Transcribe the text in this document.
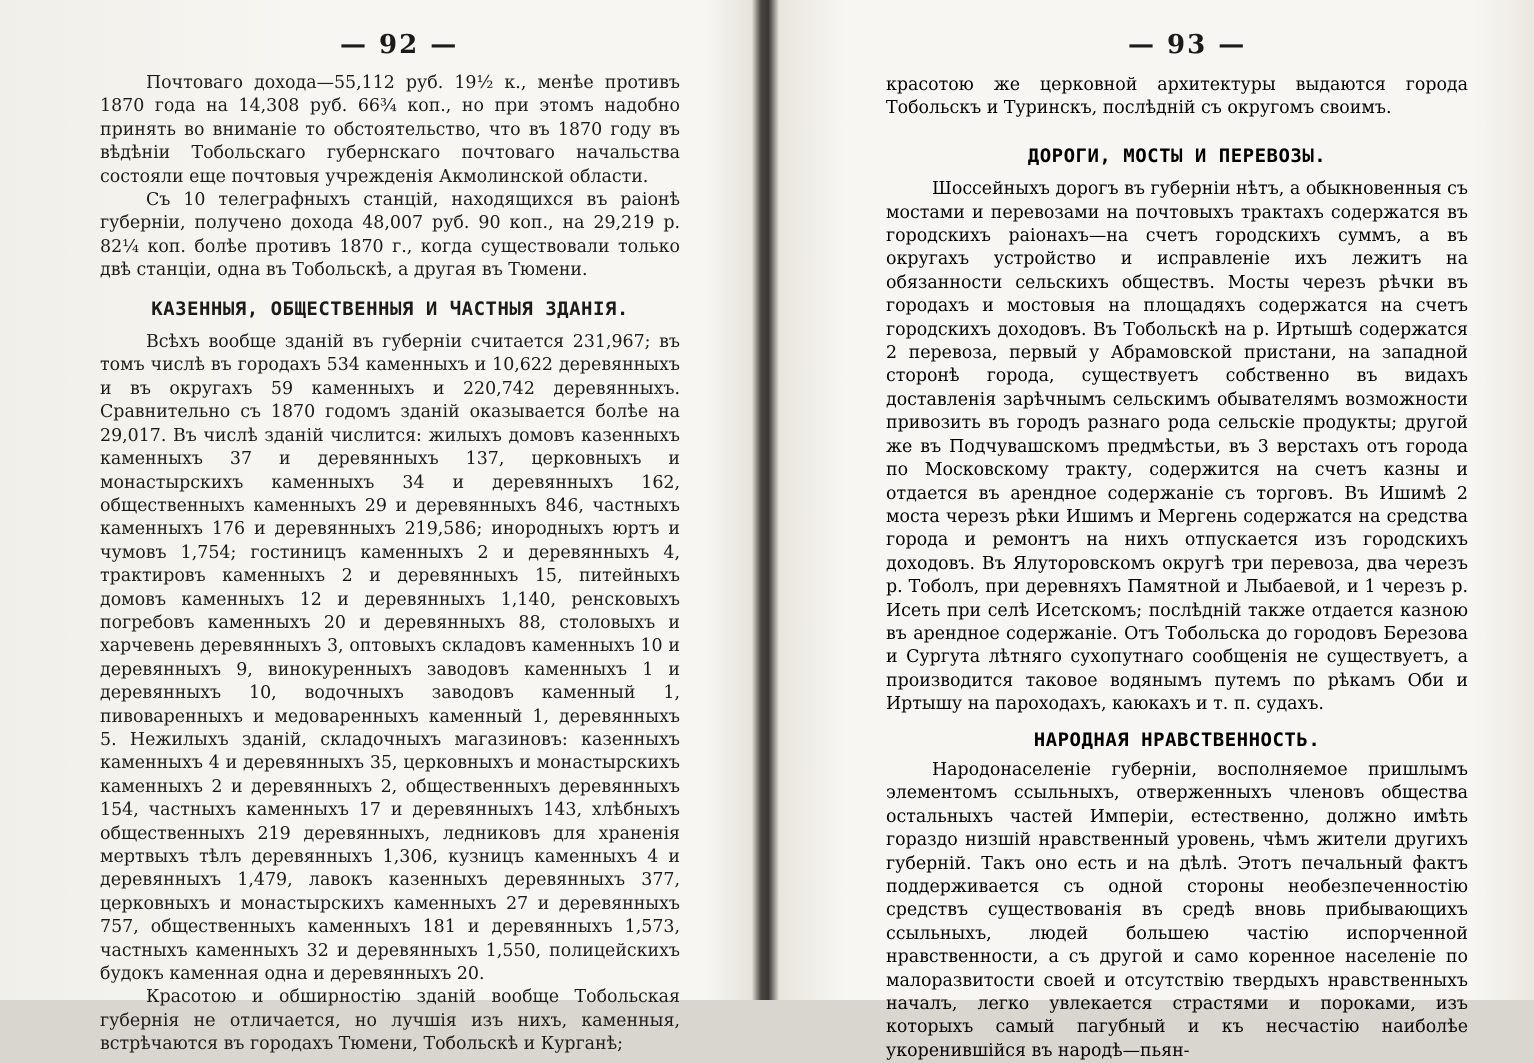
— 92 —

Почтоваго дохода—55,112 руб. 19½ к., менѣе противъ 1870 года на 14,308 руб. 66¾ коп., но при этомъ надобно принять во вниманіе то обстоятельство, что въ 1870 году въ вѣдѣніи Тобольскаго губернскаго почтоваго начальства состояли еще почтовыя учрежденія Акмолинской области.

Съ 10 телеграфныхъ станцій, находящихся въ раіонѣ губерніи, получено дохода 48,007 руб. 90 коп., на 29,219 р. 82¼ коп. болѣе противъ 1870 г., когда существовали только двѣ станціи, одна въ Тобольскѣ, а другая въ Тюмени.

КАЗЕННЫЯ, ОБЩЕСТВЕННЫЯ И ЧАСТНЫЯ ЗДАНІЯ.

Всѣхъ вообще зданій въ губерніи считается 231,967; въ томъ числѣ въ городахъ 534 каменныхъ и 10,622 деревянныхъ и въ округахъ 59 каменныхъ и 220,742 деревянныхъ. Сравнительно съ 1870 годомъ зданій оказывается болѣе на 29,017. Въ числѣ зданій числится: жилыхъ домовъ казенныхъ каменныхъ 37 и деревянныхъ 137, церковныхъ и монастырскихъ каменныхъ 34 и деревянныхъ 162, общественныхъ каменныхъ 29 и деревянныхъ 846, частныхъ каменныхъ 176 и деревянныхъ 219,586; инородныхъ юртъ и чумовъ 1,754; гостиницъ каменныхъ 2 и деревянныхъ 4, трактировъ каменныхъ 2 и деревянныхъ 15, питейныхъ домовъ каменныхъ 12 и деревянныхъ 1,140, ренсковыхъ погребовъ каменныхъ 20 и деревянныхъ 88, столовыхъ и харчевень деревянныхъ 3, оптовыхъ складовъ каменныхъ 10 и деревянныхъ 9, винокуренныхъ заводовъ каменныхъ 1 и деревянныхъ 10, водочныхъ заводовъ каменный 1, пивоваренныхъ и медоваренныхъ каменный 1, деревянныхъ 5. Нежилыхъ зданій, складочныхъ магазиновъ: казенныхъ каменныхъ 4 и деревянныхъ 35, церковныхъ и монастырскихъ каменныхъ 2 и деревянныхъ 2, общественныхъ деревянныхъ 154, частныхъ каменныхъ 17 и деревянныхъ 143, хлѣбныхъ общественныхъ 219 деревянныхъ, ледниковъ для храненія мертвыхъ тѣлъ деревянныхъ 1,306, кузницъ каменныхъ 4 и деревянныхъ 1,479, лавокъ казенныхъ деревянныхъ 377, церковныхъ и монастырскихъ каменныхъ 27 и деревянныхъ 757, общественныхъ каменныхъ 181 и деревянныхъ 1,573, частныхъ каменныхъ 32 и деревянныхъ 1,550, полицейскихъ будокъ каменная одна и деревянныхъ 20.

Красотою и обширностію зданій вообще Тобольская губернія не отличается, но лучшія изъ нихъ, каменныя, встрѣчаются въ городахъ Тюмени, Тобольскѣ и Курганѣ;

— 93 —

красотою же церковной архитектуры выдаются города Тобольскъ и Туринскъ, послѣдній съ округомъ своимъ.

ДОРОГИ, МОСТЫ И ПЕРЕВОЗЫ.

Шоссейныхъ дорогъ въ губерніи нѣтъ, а обыкновенныя съ мостами и перевозами на почтовыхъ трактахъ содержатся въ городскихъ раіонахъ—на счетъ городскихъ суммъ, а въ округахъ устройство и исправленіе ихъ лежитъ на обязанности сельскихъ обществъ. Мосты черезъ рѣчки въ городахъ и мостовыя на площадяхъ содержатся на счетъ городскихъ доходовъ. Въ Тобольскѣ на р. Иртышѣ содержатся 2 перевоза, первый у Абрамовской пристани, на западной сторонѣ города, существуетъ собственно въ видахъ доставленія зарѣчнымъ сельскимъ обывателямъ возможности привозить въ городъ разнаго рода сельскіе продукты; другой же въ Подчувашскомъ предмѣстьи, въ 3 верстахъ отъ города по Московскому тракту, содержится на счетъ казны и отдается въ арендное содержаніе съ торговъ. Въ Ишимѣ 2 моста черезъ рѣки Ишимъ и Мергень содержатся на средства города и ремонтъ на нихъ отпускается изъ городскихъ доходовъ. Въ Ялуторовскомъ округѣ три перевоза, два черезъ р. Тоболъ, при деревняхъ Памятной и Лыбаевой, и 1 черезъ р. Исеть при селѣ Исетскомъ; послѣдній также отдается казною въ арендное содержаніе. Отъ Тобольска до городовъ Березова и Сургута лѣтняго сухопутнаго сообщенія не существуетъ, а производится таковое водянымъ путемъ по рѣкамъ Оби и Иртышу на пароходахъ, каюкахъ и т. п. судахъ.

НАРОДНАЯ НРАВСТВЕННОСТЬ.

Народонаселеніе губерніи, восполняемое пришлымъ элементомъ ссыльныхъ, отверженныхъ членовъ общества остальныхъ частей Имперіи, естественно, должно имѣть гораздо низшій нравственный уровень, чѣмъ жители другихъ губерній. Такъ оно есть и на дѣлѣ. Этотъ печальный фактъ поддерживается съ одной стороны необезпеченностію средствъ существованія въ средѣ вновь прибывающихъ ссыльныхъ, людей большею частію испорченной нравственности, а съ другой и само коренное населеніе по малоразвитости своей и отсутствію твердыхъ нравственныхъ началъ, легко увлекается страстями и пороками, изъ которыхъ самый пагубный и къ несчастію наиболѣе укоренившійся въ народѣ—пьян-
